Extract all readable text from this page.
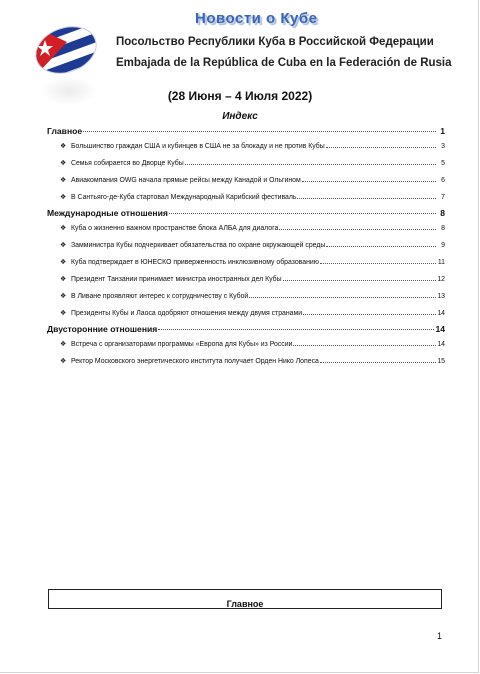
Новости о Кубе
Посольство Республики Куба в Российской Федерации
Embajada de la República de Cuba en la Federación de Rusia
(28 Июня – 4 Июля 2022)
Индекс
Главное	1
❖ Большинство граждан США и кубинцев в США не за блокаду и не против Кубы	3
❖ Семья собирается во Дворце Кубы	5
❖ Авиакомпания OWG начала прямые рейсы между Канадой и Ольгином	6
❖ В Сантьяго-де-Куба стартовал Международный Карибский фестиваль	7
Международные отношения	8
❖ Куба о жизненно важном пространстве блока АЛБА для диалога	8
❖ Замминистра Кубы подчеркивает обязательства по охране окружающей среды	9
❖ Куба подтверждает в ЮНЕСКО приверженность инклюзивному образованию	11
❖ Президент Танзании принимает министра иностранных дел Кубы	12
❖ В Ливане проявляют интерес к сотрудничеству с Кубой	13
❖ Президенты Кубы и Лаоса одобряют отношения между двумя странами	14
Двусторонние отношения	14
❖ Встреча с организаторами программы «Европа для Кубы» из России	14
❖ Ректор Московского энергетического института получает Орден Нико Лопеса	15
Главное
1
